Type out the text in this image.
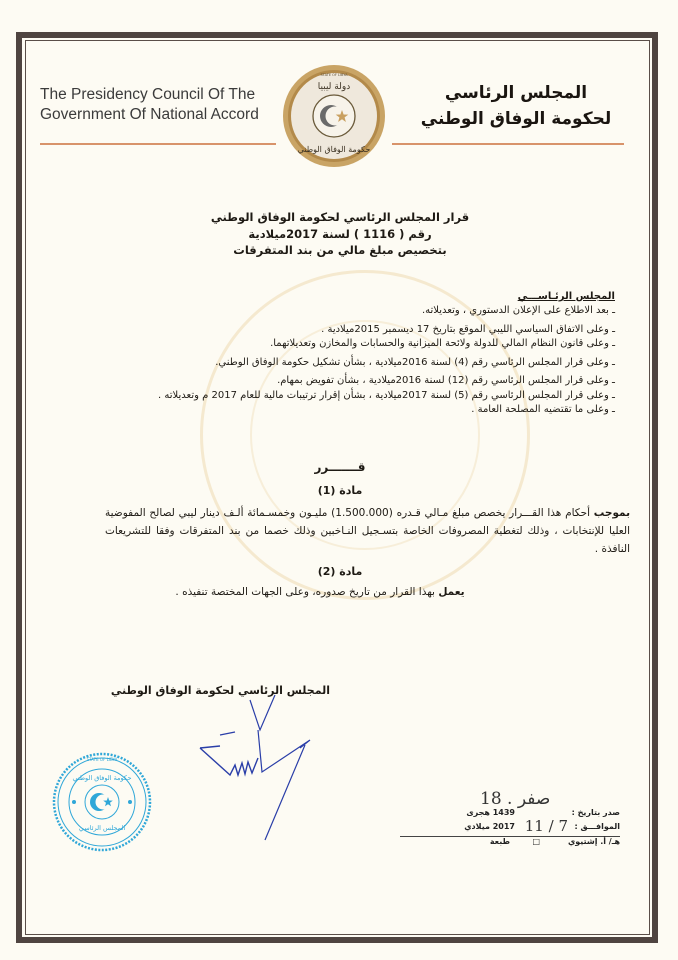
The Presidency Council Of The
Government Of National Accord
المجلس الرئاسي
لحكومة الوفاق الوطني
دولة ليبيا
حكومة الوفاق الوطني
STATE OF LIBYA
قرار المجلس الرئاسي لحكومة الوفاق الوطني
رقم ( 1116 ) لسنة 2017ميلادية
بتخصيص مبلغ مالي من بند المتفرقات
المجلس الرئـاســـي
ـ بعد الاطلاع على الإعلان الدستوري ، وتعديلاته.
ـ وعلى الاتفاق السياسي الليبي الموقع بتاريخ 17 ديسمبر 2015ميلادية .
ـ وعلى قانون النظام المالي للدولة ولائحة الميزانية والحسابات والمخازن وتعديلاتهما.
ـ وعلى قرار المجلس الرئاسي رقم (4) لسنة 2016ميلادية ، بشأن تشكيل حكومة الوفاق الوطني.
ـ وعلى قرار المجلس الرئاسي رقم (12) لسنة 2016ميلادية ، بشأن تفويض بمهام.
ـ وعلى قرار المجلس الرئاسي رقم (5) لسنة 2017ميلادية ، بشأن إقرار ترتيبات مالية للعام 2017 م وتعديلاته .
ـ وعلى ما تقتضيه المصلحة العامة .
قـــــــرر
مادة (1)
بموجب أحكام هذا القـــرار يخصص مبلغ مـالي قـدره (1.500.000) مليـون وخمسـمائة ألـف دينار ليبي لصالح المفوضية العليا للإنتخابات ، وذلك لتغطية المصروفات الخاصة بتسـجيل النـاخبين وذلك خصما من بند المتفرقات وفقا للتشريعات النافذة .
مادة (2)
يعمل بهذا القرار من تاريخ صدوره، وعلى الجهات المختصة تنفيذه .
المجلس الرئاسي لحكومة الوفاق الوطني
STATE OF LIBYA
حكومة الوفاق الوطني
المجلس الرئاسي
18 . صفر
صدر بتاريخ :
1439 هجرى
الموافـــق :
7 / 11
2017 ميلادي
هـ/ أ. إشتيوي
□
طبعة
